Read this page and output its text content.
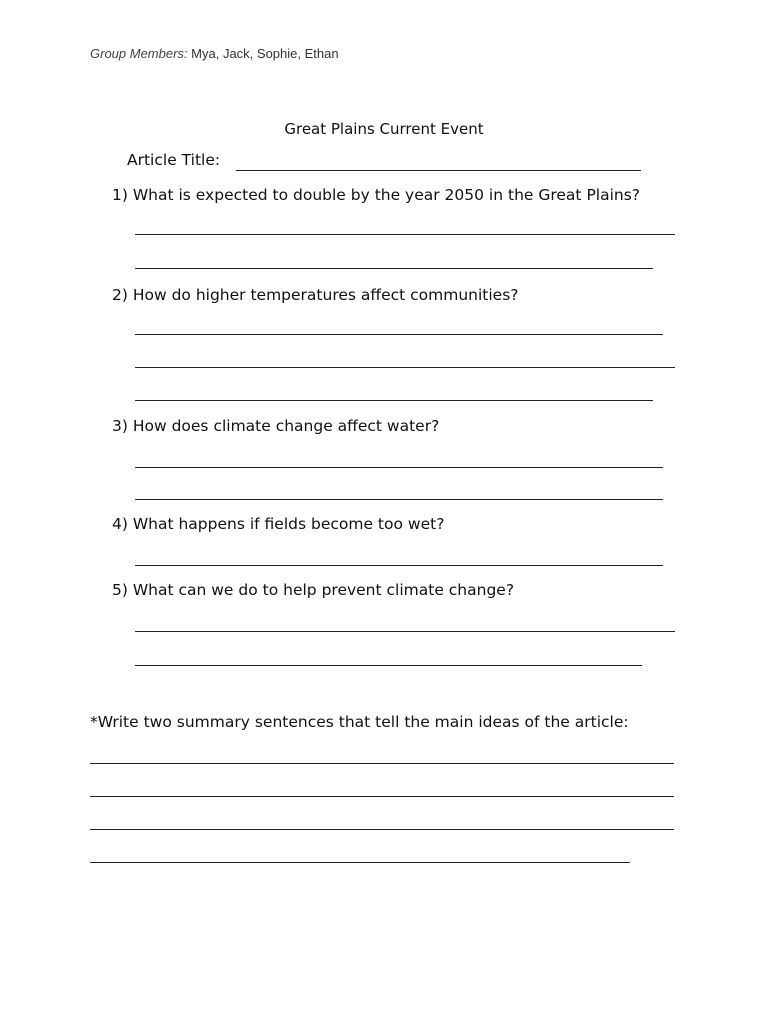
Group Members: Mya, Jack, Sophie, Ethan
Great Plains Current Event
Article Title:
1) What is expected to double by the year 2050 in the Great Plains?
2) How do higher temperatures affect communities?
3) How does climate change affect water?
4) What happens if fields become too wet?
5) What can we do to help prevent climate change?
*Write two summary sentences that tell the main ideas of the article:
